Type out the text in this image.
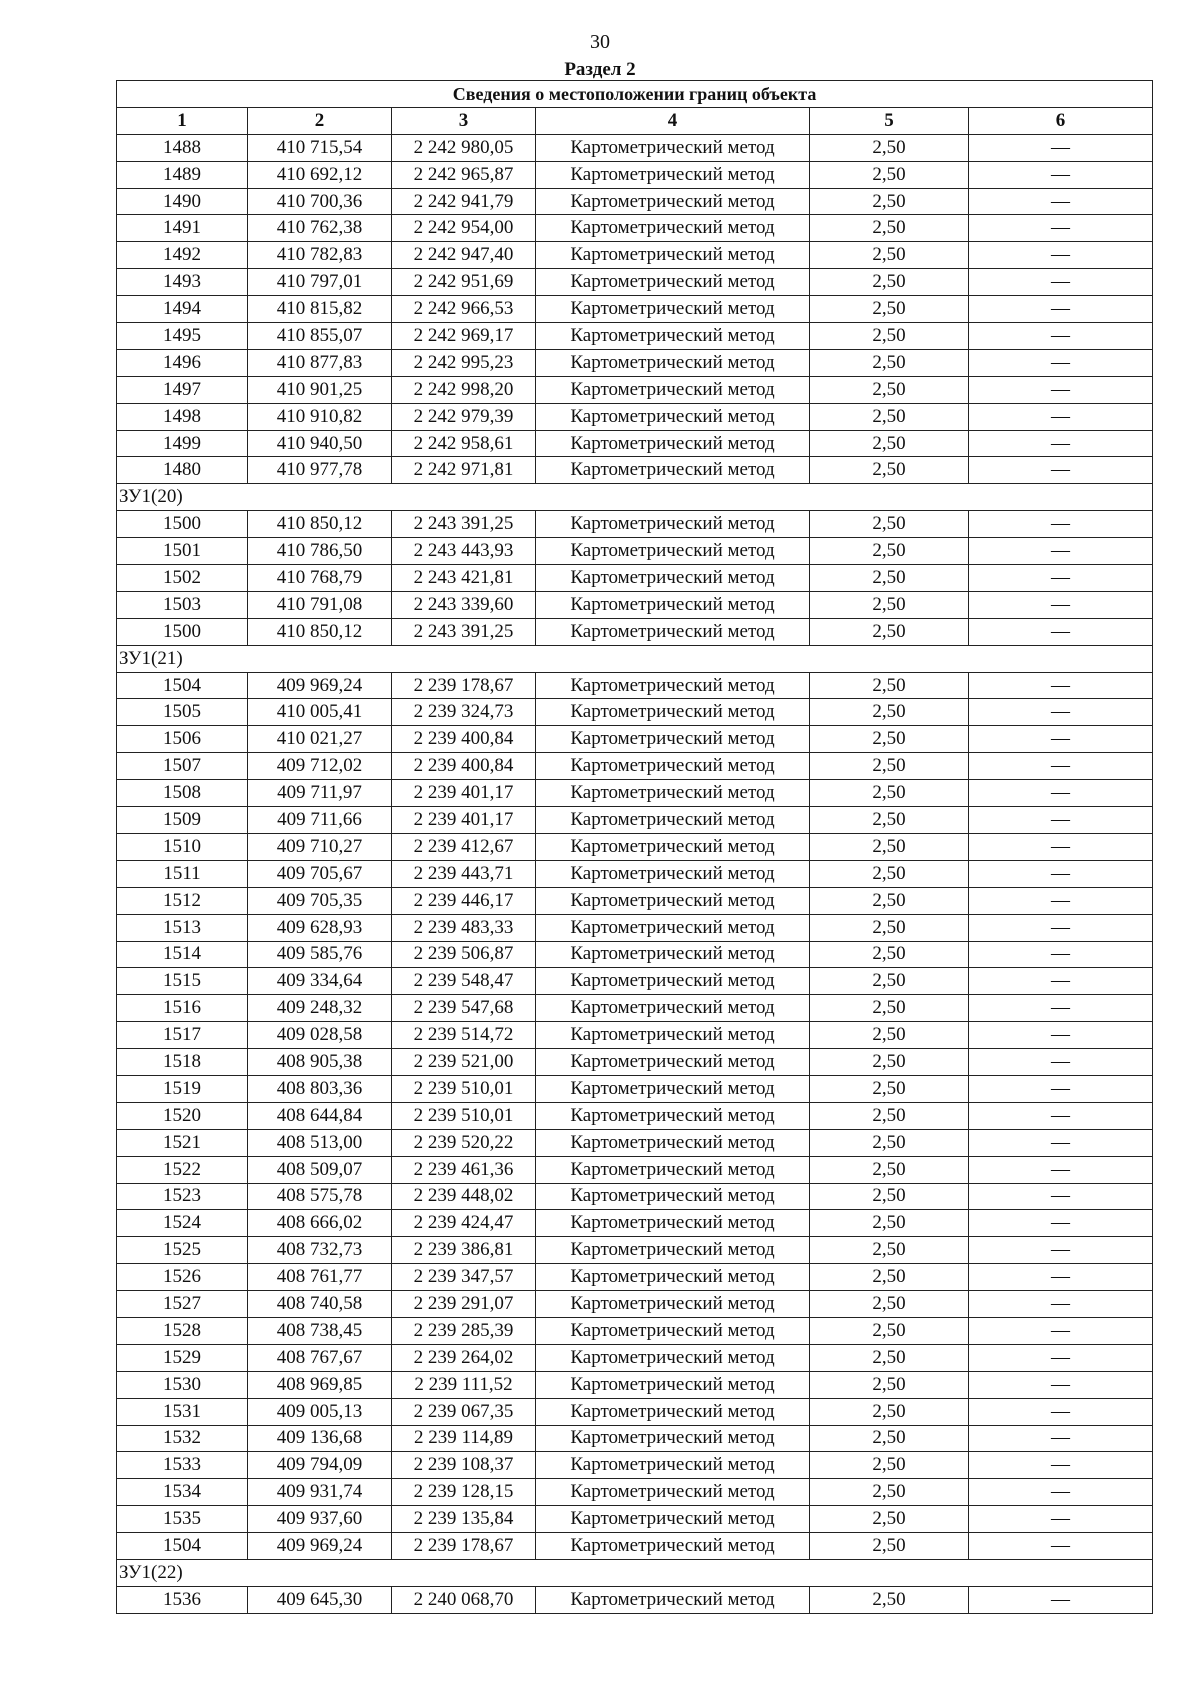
30
Раздел 2
Сведения о местоположении границ объекта					
1	2	3	4	5	6
1488	410 715,54	2 242 980,05	Картометрический метод	2,50	—
1489	410 692,12	2 242 965,87	Картометрический метод	2,50	—
1490	410 700,36	2 242 941,79	Картометрический метод	2,50	—
1491	410 762,38	2 242 954,00	Картометрический метод	2,50	—
1492	410 782,83	2 242 947,40	Картометрический метод	2,50	—
1493	410 797,01	2 242 951,69	Картометрический метод	2,50	—
1494	410 815,82	2 242 966,53	Картометрический метод	2,50	—
1495	410 855,07	2 242 969,17	Картометрический метод	2,50	—
1496	410 877,83	2 242 995,23	Картометрический метод	2,50	—
1497	410 901,25	2 242 998,20	Картометрический метод	2,50	—
1498	410 910,82	2 242 979,39	Картометрический метод	2,50	—
1499	410 940,50	2 242 958,61	Картометрический метод	2,50	—
1480	410 977,78	2 242 971,81	Картометрический метод	2,50	—
ЗУ1(20)					
1500	410 850,12	2 243 391,25	Картометрический метод	2,50	—
1501	410 786,50	2 243 443,93	Картометрический метод	2,50	—
1502	410 768,79	2 243 421,81	Картометрический метод	2,50	—
1503	410 791,08	2 243 339,60	Картометрический метод	2,50	—
1500	410 850,12	2 243 391,25	Картометрический метод	2,50	—
ЗУ1(21)					
1504	409 969,24	2 239 178,67	Картометрический метод	2,50	—
1505	410 005,41	2 239 324,73	Картометрический метод	2,50	—
1506	410 021,27	2 239 400,84	Картометрический метод	2,50	—
1507	409 712,02	2 239 400,84	Картометрический метод	2,50	—
1508	409 711,97	2 239 401,17	Картометрический метод	2,50	—
1509	409 711,66	2 239 401,17	Картометрический метод	2,50	—
1510	409 710,27	2 239 412,67	Картометрический метод	2,50	—
1511	409 705,67	2 239 443,71	Картометрический метод	2,50	—
1512	409 705,35	2 239 446,17	Картометрический метод	2,50	—
1513	409 628,93	2 239 483,33	Картометрический метод	2,50	—
1514	409 585,76	2 239 506,87	Картометрический метод	2,50	—
1515	409 334,64	2 239 548,47	Картометрический метод	2,50	—
1516	409 248,32	2 239 547,68	Картометрический метод	2,50	—
1517	409 028,58	2 239 514,72	Картометрический метод	2,50	—
1518	408 905,38	2 239 521,00	Картометрический метод	2,50	—
1519	408 803,36	2 239 510,01	Картометрический метод	2,50	—
1520	408 644,84	2 239 510,01	Картометрический метод	2,50	—
1521	408 513,00	2 239 520,22	Картометрический метод	2,50	—
1522	408 509,07	2 239 461,36	Картометрический метод	2,50	—
1523	408 575,78	2 239 448,02	Картометрический метод	2,50	—
1524	408 666,02	2 239 424,47	Картометрический метод	2,50	—
1525	408 732,73	2 239 386,81	Картометрический метод	2,50	—
1526	408 761,77	2 239 347,57	Картометрический метод	2,50	—
1527	408 740,58	2 239 291,07	Картометрический метод	2,50	—
1528	408 738,45	2 239 285,39	Картометрический метод	2,50	—
1529	408 767,67	2 239 264,02	Картометрический метод	2,50	—
1530	408 969,85	2 239 111,52	Картометрический метод	2,50	—
1531	409 005,13	2 239 067,35	Картометрический метод	2,50	—
1532	409 136,68	2 239 114,89	Картометрический метод	2,50	—
1533	409 794,09	2 239 108,37	Картометрический метод	2,50	—
1534	409 931,74	2 239 128,15	Картометрический метод	2,50	—
1535	409 937,60	2 239 135,84	Картометрический метод	2,50	—
1504	409 969,24	2 239 178,67	Картометрический метод	2,50	—
ЗУ1(22)					
1536	409 645,30	2 240 068,70	Картометрический метод	2,50	—
